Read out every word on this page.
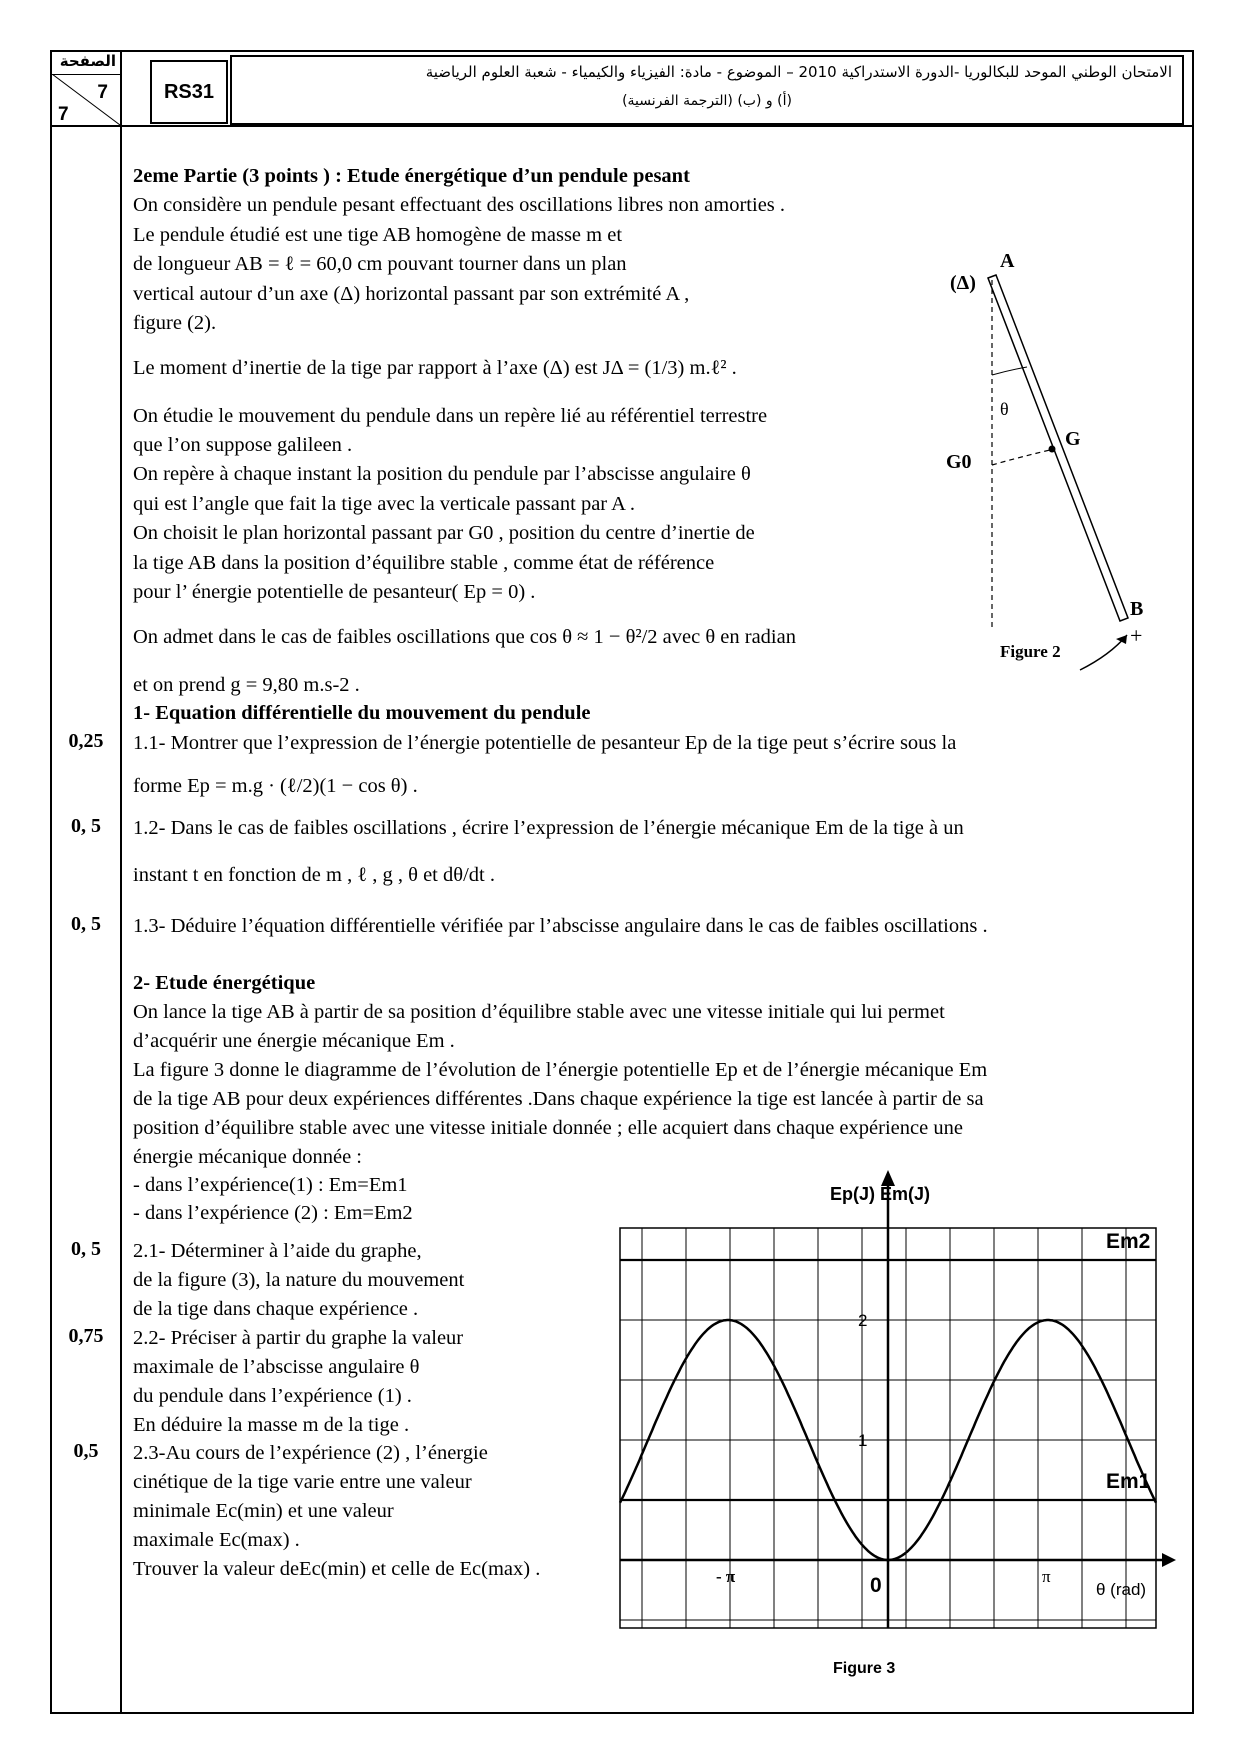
الصفحة
7
7
RS31
الامتحان الوطني الموحد للبكالوريا -الدورة الاستدراكية 2010 – الموضوع - مادة: الفيزياء والكيمياء - شعبة العلوم الرياضية
(أ) و (ب) (الترجمة الفرنسية)
0,25
0, 5
0, 5
0, 5
0,75
0,5
2eme Partie (3 points ) : Etude énergétique d’un pendule pesant
On considère un pendule pesant effectuant des oscillations libres non amorties .
Le pendule étudié est une tige AB homogène de masse m et
de longueur AB = ℓ = 60,0 cm pouvant tourner dans un plan
vertical autour d’un axe (Δ) horizontal passant par son extrémité A ,
figure (2).
Le moment d’inertie de la tige par rapport à l’axe (Δ) est JΔ = (1/3) m.ℓ² .
On étudie le mouvement du pendule dans un repère lié au référentiel terrestre
que l’on suppose galileen .
On repère à chaque instant la position du pendule par l’abscisse angulaire θ
qui est l’angle que fait la tige avec la verticale passant par A .
On choisit le plan horizontal passant par G0 , position du centre d’inertie de
la tige AB dans la position d’équilibre stable , comme état de référence
pour l’ énergie potentielle de pesanteur( Ep = 0) .
On admet dans le cas de faibles oscillations que cos θ ≈ 1 − θ²/2 avec θ en radian
et on prend g = 9,80 m.s-2 .
1- Equation différentielle du mouvement du pendule
1.1- Montrer que l’expression de l’énergie potentielle de pesanteur Ep de la tige peut s’écrire sous la
forme Ep = m.g · (ℓ/2)(1 − cos θ) .
1.2- Dans le cas de faibles oscillations , écrire l’expression de l’énergie mécanique Em de la tige à un
instant t en fonction de m , ℓ , g , θ et dθ/dt .
1.3- Déduire l’équation différentielle vérifiée par l’abscisse angulaire dans le cas de faibles oscillations .
2- Etude énergétique
On lance la tige AB à partir de sa position d’équilibre stable avec une vitesse initiale qui lui permet
d’acquérir une énergie mécanique Em .
La figure 3 donne le diagramme de l’évolution de l’énergie potentielle Ep et de l’énergie mécanique Em
de la tige AB pour deux expériences différentes .Dans chaque expérience la tige est lancée à partir de sa
position d’équilibre stable avec une vitesse initiale donnée ; elle acquiert dans chaque expérience une
énergie mécanique donnée :
- dans l’expérience(1) : Em=Em1
- dans l’expérience (2) : Em=Em2
2.1- Déterminer à l’aide du graphe,
de la figure (3), la nature du mouvement
de la tige dans chaque expérience .
2.2- Préciser à partir du graphe la valeur
maximale de l’abscisse angulaire θ
du pendule dans l’expérience (1) .
En déduire la masse m de la tige .
2.3-Au cours de l’expérience (2) , l’énergie
cinétique de la tige varie entre une valeur
minimale Ec(min) et une valeur
maximale Ec(max) .
Trouver la valeur deEc(min) et celle de Ec(max) .
(Δ)
A
θ
G
G0
B
+
Figure 2
Ep(J) Em(J)
θ (rad)
0
- π	π
1
2
Em1
Em2
Figure 3
